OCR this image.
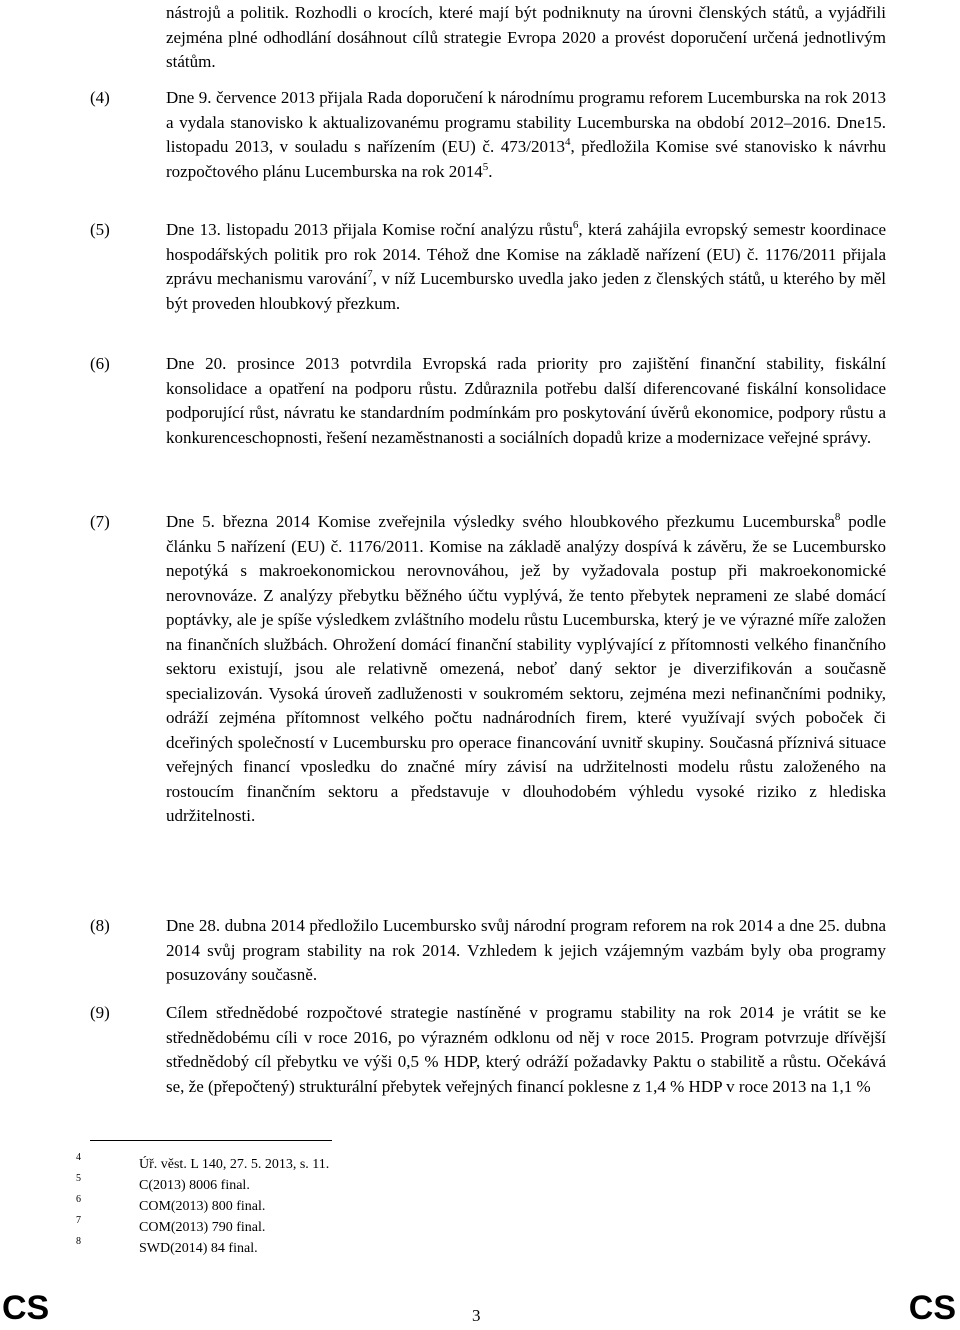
nástrojů a politik. Rozhodli o krocích, které mají být podniknuty na úrovni členských států, a vyjádřili zejména plné odhodlání dosáhnout cílů strategie Evropa 2020 a provést doporučení určená jednotlivým státům.
(4)	Dne 9. července 2013 přijala Rada doporučení k národnímu programu reforem Lucemburska na rok 2013 a vydala stanovisko k aktualizovanému programu stability Lucemburska na období 2012–2016. Dne15. listopadu 2013, v souladu s nařízením (EU) č. 473/2013$^4$, předložila Komise své stanovisko k návrhu rozpočtového plánu Lucemburska na rok 2014$^5$.
(5)	Dne 13. listopadu 2013 přijala Komise roční analýzu růstu$^6$, která zahájila evropský semestr koordinace hospodářských politik pro rok 2014. Téhož dne Komise na základě nařízení (EU) č. 1176/2011 přijala zprávu mechanismu varování$^7$, v níž Lucembursko uvedla jako jeden z členských států, u kterého by měl být proveden hloubkový přezkum.
(6)	Dne 20. prosince 2013 potvrdila Evropská rada priority pro zajištění finanční stability, fiskální konsolidace a opatření na podporu růstu. Zdůraznila potřebu další diferencované fiskální konsolidace podporující růst, návratu ke standardním podmínkám pro poskytování úvěrů ekonomice, podpory růstu a konkurenceschopnosti, řešení nezaměstnanosti a sociálních dopadů krize a modernizace veřejné správy.
(7)	Dne 5. března 2014 Komise zveřejnila výsledky svého hloubkového přezkumu Lucemburska$^8$ podle článku 5 nařízení (EU) č. 1176/2011. Komise na základě analýzy dospívá k závěru, že se Lucembursko nepotýká s makroekonomickou nerovnováhou, jež by vyžadovala postup při makroekonomické nerovnováze. Z analýzy přebytku běžného účtu vyplývá, že tento přebytek neprameni ze slabé domácí poptávky, ale je spíše výsledkem zvláštního modelu růstu Lucemburska, který je ve výrazné míře založen na finančních službách. Ohrožení domácí finanční stability vyplývající z přítomnosti velkého finančního sektoru existují, jsou ale relativně omezená, neboť daný sektor je diverzifikován a současně specializován. Vysoká úroveň zadluženosti v soukromém sektoru, zejména mezi nefinančními podniky, odráží zejména přítomnost velkého počtu nadnárodních firem, které využívají svých poboček či dceřiných společností v Lucembursku pro operace financování uvnitř skupiny. Současná příznivá situace veřejných financí vposledku do značné míry závisí na udržitelnosti modelu růstu založeného na rostoucím finančním sektoru a představuje v dlouhodobém výhledu vysoké riziko z hlediska udržitelnosti.
(8)	Dne 28. dubna 2014 předložilo Lucembursko svůj národní program reforem na rok 2014 a dne 25. dubna 2014 svůj program stability na rok 2014. Vzhledem k jejich vzájemným vazbám byly oba programy posuzovány současně.
(9)	Cílem střednědobé rozpočtové strategie nastíněné v programu stability na rok 2014 je vrátit se ke střednědobému cíli v roce 2016, po výrazném odklonu od něj v roce 2015. Program potvrzuje dřívější střednědobý cíl přebytku ve výši 0,5 % HDP, který odráží požadavky Paktu o stabilitě a růstu. Očekává se, že (přepočtený) strukturální přebytek veřejných financí poklesne z 1,4 % HDP v roce 2013 na 1,1 %
4	Úř. věst. L 140, 27. 5. 2013, s. 11.
5	C(2013) 8006 final.
6	COM(2013) 800 final.
7	COM(2013) 790 final.
8	SWD(2014) 84 final.
CS	3	CS
